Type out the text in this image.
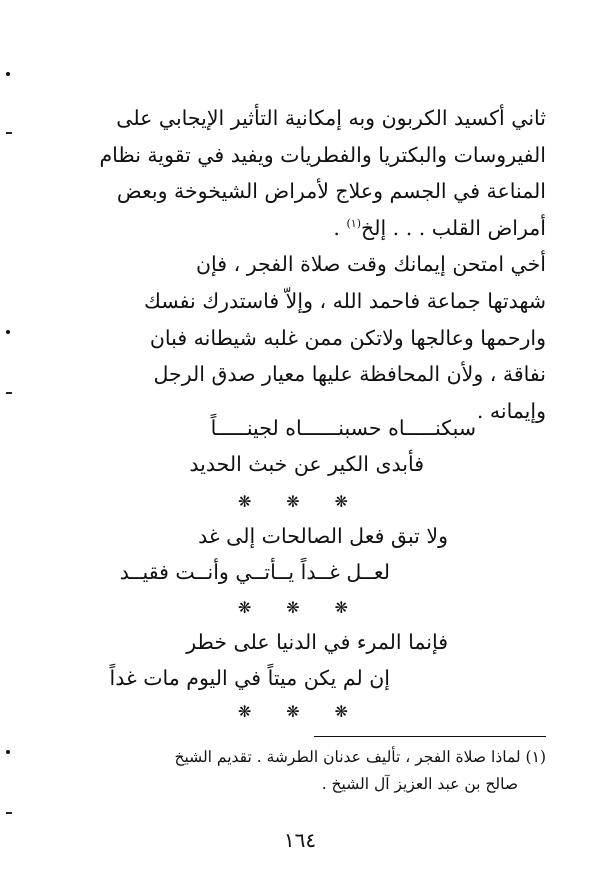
ثاني أكسيد الكربون وبه إمكانية التأثير الإيجابي على

الفيروسات والبكتريا والفطريات ويفيد في تقوية نظام

المناعة في الجسم وعلاج لأمراض الشيخوخة وبعض

أمراض القلب . . . إلخ$^{(١)}$ .

أخي امتحن إيمانك وقت صلاة الفجر ، فإن

شهدتها جماعة فاحمد الله ، وإلاّ فاستدرك نفسك

وارحمها وعالجها ولاتكن ممن غلبه شيطانه فبان

نفاقة ، ولأن المحافظة عليها معيار صدق الرجل

وإيمانه .

سبكنـــــاه حسبنــــــاه لجينـــــاً
فأبدى الكير عن خبث الحديد
❋ ❋ ❋
ولا تبق فعل الصالحات إلى غد
لعــل غــداً يــأتــي وأنــت فقيــد
❋ ❋ ❋
فإنما المرء في الدنيا على خطر
إن لم يكن ميتاً في اليوم مات غداً
❋ ❋ ❋

(١) لماذا صلاة الفجر ، تأليف عدنان الطرشة . تقديم الشيخ

صالح بن عبد العزيز آل الشيخ .

١٦٤
